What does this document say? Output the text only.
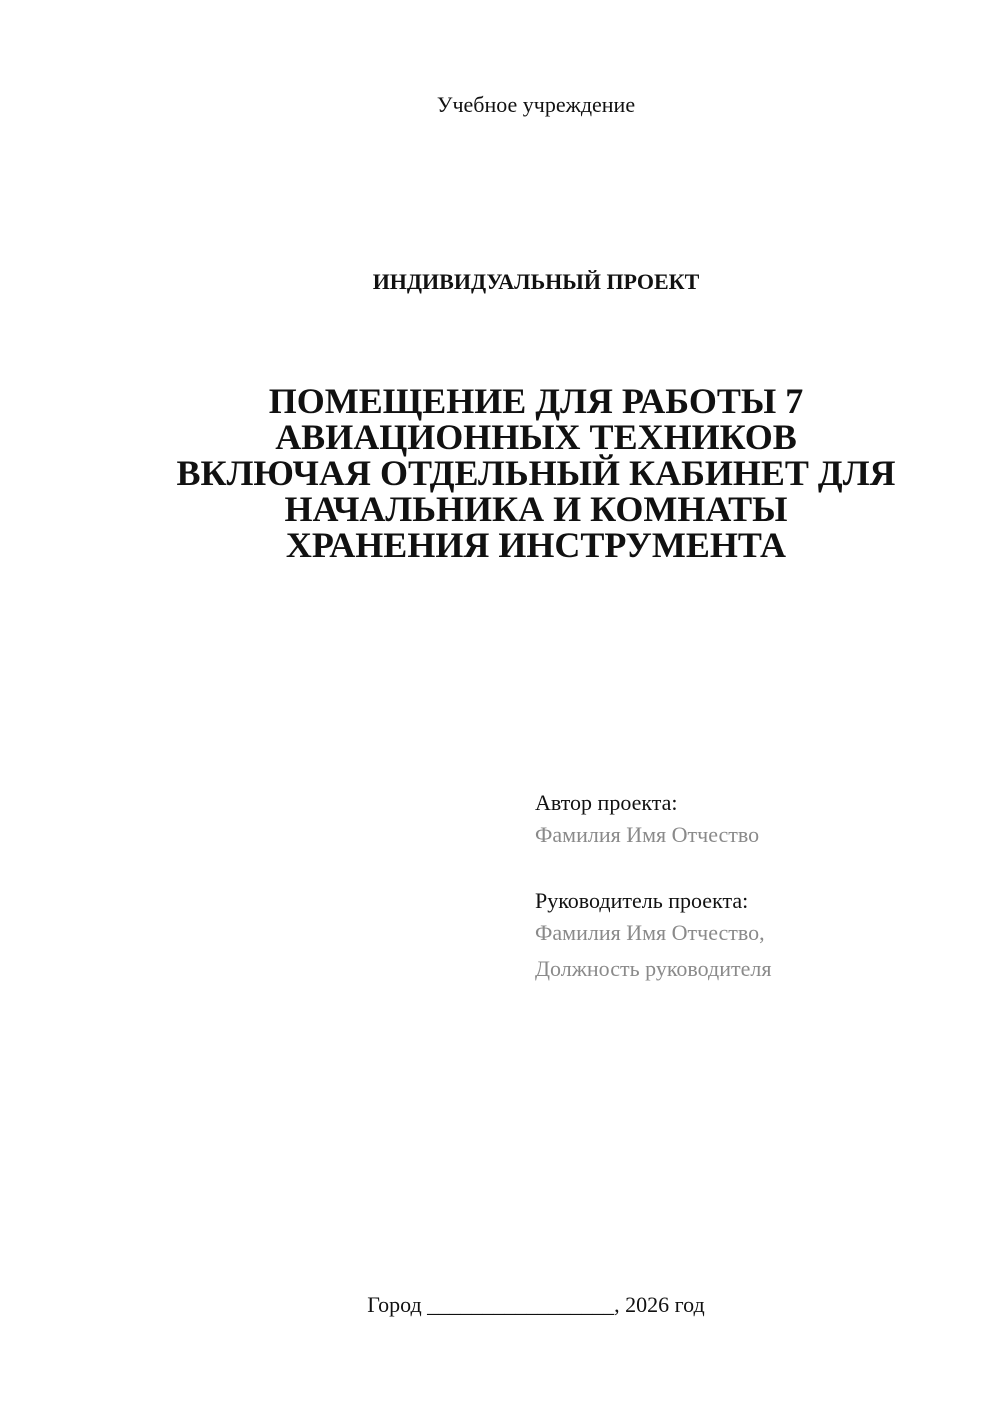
Учебное учреждение
ИНДИВИДУАЛЬНЫЙ ПРОЕКТ
ПОМЕЩЕНИЕ ДЛЯ РАБОТЫ 7
АВИАЦИОННЫХ ТЕХНИКОВ
ВКЛЮЧАЯ ОТДЕЛЬНЫЙ КАБИНЕТ ДЛЯ
НАЧАЛЬНИКА И КОМНАТЫ
ХРАНЕНИЯ ИНСТРУМЕНТА
Автор проекта:
Фамилия Имя Отчество
Руководитель проекта:
Фамилия Имя Отчество,
Должность руководителя
Город _________________, 2026 год
